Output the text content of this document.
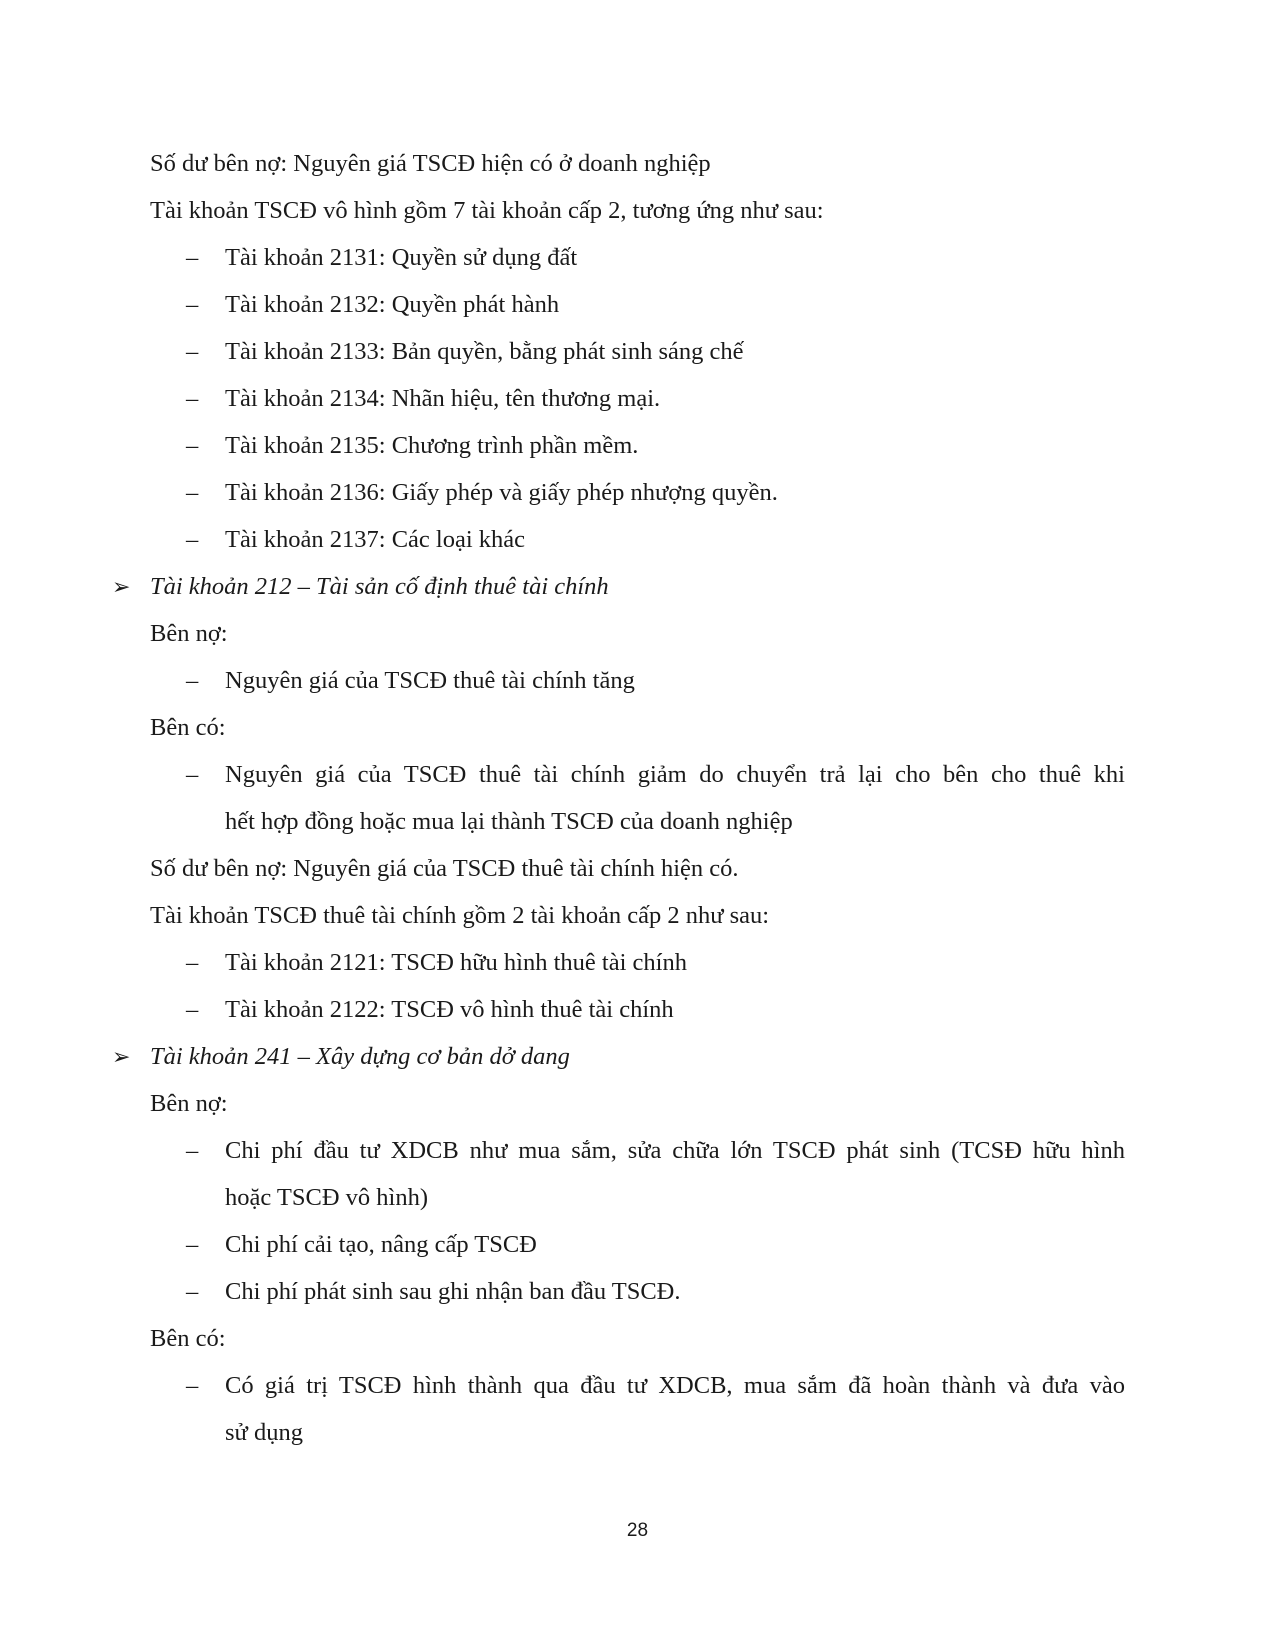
Số dư bên nợ: Nguyên giá TSCĐ hiện có ở doanh nghiệp
Tài khoản TSCĐ vô hình gồm 7 tài khoản cấp 2, tương ứng như sau:
– Tài khoản 2131: Quyền sử dụng đất
– Tài khoản 2132: Quyền phát hành
– Tài khoản 2133: Bản quyền, bằng phát sinh sáng chế
– Tài khoản 2134: Nhãn hiệu, tên thương mại.
– Tài khoản 2135: Chương trình phần mềm.
– Tài khoản 2136: Giấy phép và giấy phép nhượng quyền.
– Tài khoản 2137: Các loại khác
➢ Tài khoản 212 – Tài sản cố định thuê tài chính
Bên nợ:
– Nguyên giá của TSCĐ thuê tài chính tăng
Bên có:
– Nguyên giá của TSCĐ thuê tài chính giảm do chuyển trả lại cho bên cho thuê khi
hết hợp đồng hoặc mua lại thành TSCĐ của doanh nghiệp
Số dư bên nợ: Nguyên giá của TSCĐ thuê tài chính hiện có.
Tài khoản TSCĐ thuê tài chính gồm 2 tài khoản cấp 2 như sau:
– Tài khoản 2121: TSCĐ hữu hình thuê tài chính
– Tài khoản 2122: TSCĐ vô hình thuê tài chính
➢ Tài khoản 241 – Xây dựng cơ bản dở dang
Bên nợ:
– Chi phí đầu tư XDCB như mua sắm, sửa chữa lớn TSCĐ phát sinh (TCSĐ hữu hình
hoặc TSCĐ vô hình)
– Chi phí cải tạo, nâng cấp TSCĐ
– Chi phí phát sinh sau ghi nhận ban đầu TSCĐ.
Bên có:
– Có giá trị TSCĐ hình thành qua đầu tư XDCB, mua sắm đã hoàn thành và đưa vào
sử dụng
28
